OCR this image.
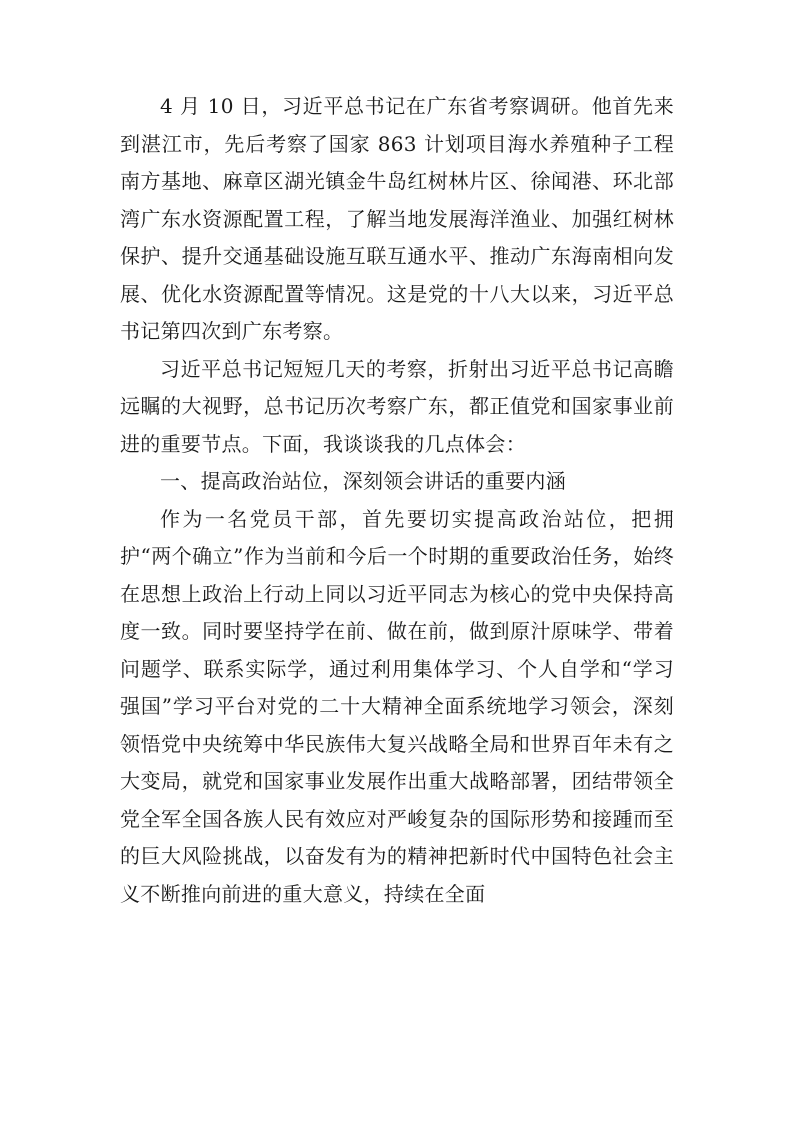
4 月 10 日，习近平总书记在广东省考察调研。他首先来到湛江市，先后考察了国家 863 计划项目海水养殖种子工程南方基地、麻章区湖光镇金牛岛红树林片区、徐闻港、环北部湾广东水资源配置工程，了解当地发展海洋渔业、加强红树林保护、提升交通基础设施互联互通水平、推动广东海南相向发展、优化水资源配置等情况。这是党的十八大以来，习近平总书记第四次到广东考察。

习近平总书记短短几天的考察，折射出习近平总书记高瞻远瞩的大视野，总书记历次考察广东，都正值党和国家事业前进的重要节点。下面，我谈谈我的几点体会：

一、提高政治站位，深刻领会讲话的重要内涵

作为一名党员干部，首先要切实提高政治站位，把拥护“两个确立”作为当前和今后一个时期的重要政治任务，始终在思想上政治上行动上同以习近平同志为核心的党中央保持高度一致。同时要坚持学在前、做在前，做到原汁原味学、带着问题学、联系实际学，通过利用集体学习、个人自学和“学习强国”学习平台对党的二十大精神全面系统地学习领会，深刻领悟党中央统筹中华民族伟大复兴战略全局和世界百年未有之大变局，就党和国家事业发展作出重大战略部署，团结带领全党全军全国各族人民有效应对严峻复杂的国际形势和接踵而至的巨大风险挑战，以奋发有为的精神把新时代中国特色社会主义不断推向前进的重大意义，持续在全面
